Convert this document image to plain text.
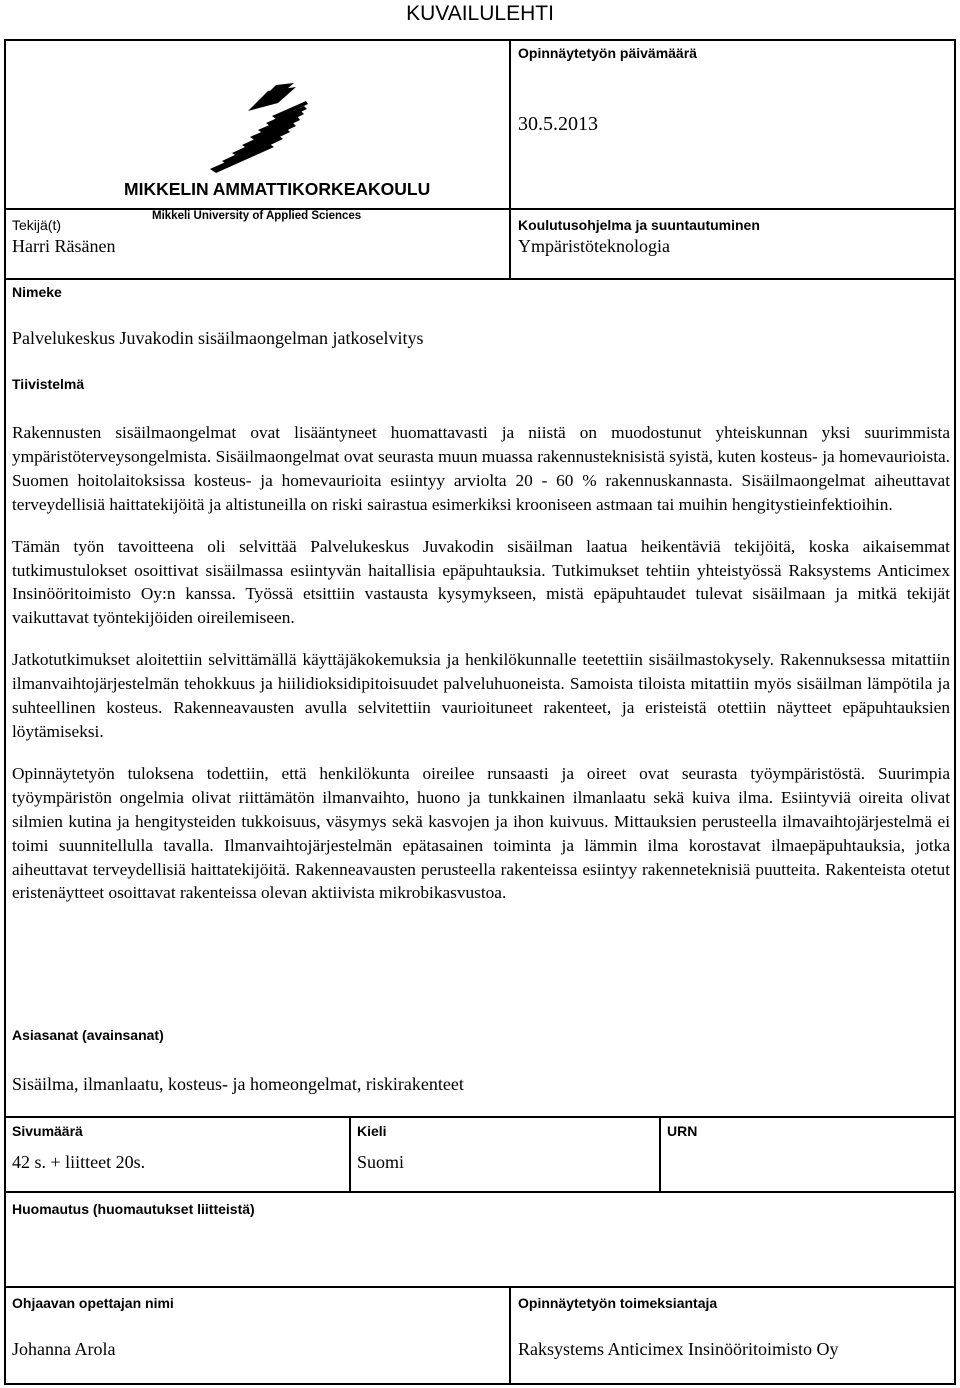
KUVAILULEHTI
MIKKELIN AMMATTIKORKEAKOULU
Mikkeli University of Applied Sciences
Opinnäytetyön päivämäärä
30.5.2013
Tekijä(t)
Harri Räsänen
Koulutusohjelma ja suuntautuminen
Ympäristöteknologia
Nimeke
Palvelukeskus Juvakodin sisäilmaongelman jatkoselvitys
Tiivistelmä

Rakennusten sisäilmaongelmat ovat lisääntyneet huomattavasti ja niistä on muodostunut yhteiskunnan yksi suurimmista ympäristöterveysongelmista. Sisäilmaongelmat ovat seurasta muun muassa rakennusteknisistä syistä, kuten kosteus- ja homevaurioista. Suomen hoitolaitoksissa kosteus- ja homevaurioita esiintyy arviolta 20 - 60 % rakennuskannasta. Sisäilmaongelmat aiheuttavat terveydellisiä haittatekijöitä ja altistuneilla on riski sairastua esimerkiksi krooniseen astmaan tai muihin hengitystieinfektioihin.

Tämän työn tavoitteena oli selvittää Palvelukeskus Juvakodin sisäilman laatua heikentäviä tekijöitä, koska aikaisemmat tutkimustulokset osoittivat sisäilmassa esiintyvän haitallisia epäpuhtauksia. Tutkimukset tehtiin yhteistyössä Raksystems Anticimex Insinööritoimisto Oy:n kanssa. Työssä etsittiin vastausta kysymykseen, mistä epäpuhtaudet tulevat sisäilmaan ja mitkä tekijät vaikuttavat työntekijöiden oireilemiseen.

Jatkotutkimukset aloitettiin selvittämällä käyttäjäkokemuksia ja henkilökunnalle teetettiin sisäilmastokysely. Rakennuksessa mitattiin ilmanvaihtojärjestelmän tehokkuus ja hiilidioksidipitoisuudet palveluhuoneista. Samoista tiloista mitattiin myös sisäilman lämpötila ja suhteellinen kosteus. Rakenneavausten avulla selvitettiin vaurioituneet rakenteet, ja eristeistä otettiin näytteet epäpuhtauksien löytämiseksi.

Opinnäytetyön tuloksena todettiin, että henkilökunta oireilee runsaasti ja oireet ovat seurasta työympäristöstä. Suurimpia työympäristön ongelmia olivat riittämätön ilmanvaihto, huono ja tunkkainen ilmanlaatu sekä kuiva ilma. Esiintyviä oireita olivat silmien kutina ja hengitysteiden tukkoisuus, väsymys sekä kasvojen ja ihon kuivuus. Mittauksien perusteella ilmavaihtojärjestelmä ei toimi suunnitellulla tavalla. Ilmanvaihtojärjestelmän epätasainen toiminta ja lämmin ilma korostavat ilmaepäpuhtauksia, jotka aiheuttavat terveydellisiä haittatekijöitä. Rakenneavausten perusteella rakenteissa esiintyy rakenneteknisiä puutteita. Rakenteista otetut eristenäytteet osoittavat rakenteissa olevan aktiivista mikrobikasvustoa.

Asiasanat (avainsanat)
Sisäilma, ilmanlaatu, kosteus- ja homeongelmat, riskirakenteet
Sivumäärä
42 s. + liitteet 20s.
Kieli
Suomi
URN
Huomautus (huomautukset liitteistä)
Ohjaavan opettajan nimi
Johanna Arola
Opinnäytetyön toimeksiantaja
Raksystems Anticimex Insinööritoimisto Oy
